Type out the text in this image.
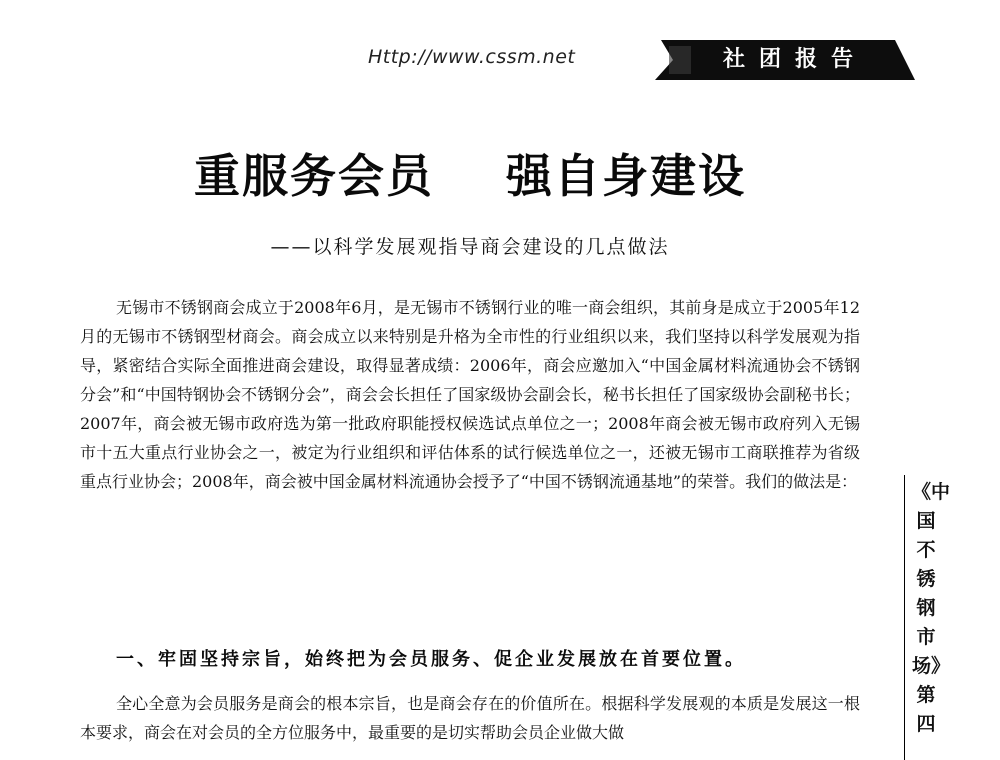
Http://www.cssm.net	社团报告
重服务会员    强自身建设
——以科学发展观指导商会建设的几点做法
无锡市不锈钢商会成立于2008年6月，是无锡市不锈钢行业的唯一商会组织，其前身是成立于2005年12月的无锡市不锈钢型材商会。商会成立以来特别是升格为全市性的行业组织以来，我们坚持以科学发展观为指导，紧密结合实际全面推进商会建设，取得显著成绩：2006年，商会应邀加入“中国金属材料流通协会不锈钢分会”和“中国特钢协会不锈钢分会”，商会会长担任了国家级协会副会长，秘书长担任了国家级协会副秘书长；2007年，商会被无锡市政府选为第一批政府职能授权候选试点单位之一；2008年商会被无锡市政府列入无锡市十五大重点行业协会之一，被定为行业组织和评估体系的试行候选单位之一，还被无锡市工商联推荐为省级重点行业协会；2008年，商会被中国金属材料流通协会授予了“中国不锈钢流通基地”的荣誉。我们的做法是：
一、牢固坚持宗旨，始终把为会员服务、促企业发展放在首要位置。
全心全意为会员服务是商会的根本宗旨，也是商会存在的价值所在。根据科学发展观的本质是发展这一根本要求，商会在对会员的全方位服务中，最重要的是切实帮助会员企业做大做
《中国不锈钢市场》第四
